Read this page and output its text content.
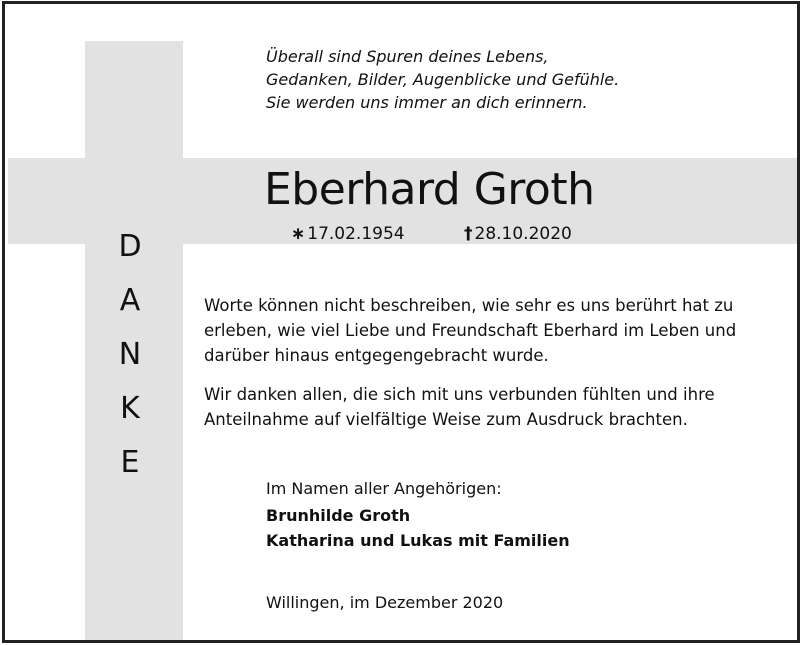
Überall sind Spuren deines Lebens,
Gedanken, Bilder, Augenblicke und Gefühle.
Sie werden uns immer an dich erinnern.
Eberhard Groth
∗ 17.02.1954	† 28.10.2020
D
A
N
K
E
Worte können nicht beschreiben, wie sehr es uns berührt hat zu
erleben, wie viel Liebe und Freundschaft Eberhard im Leben und
darüber hinaus entgegengebracht wurde.
Wir danken allen, die sich mit uns verbunden fühlten und ihre
Anteilnahme auf vielfältige Weise zum Ausdruck brachten.
Im Namen aller Angehörigen:
Brunhilde Groth
Katharina und Lukas mit Familien
Willingen, im Dezember 2020
